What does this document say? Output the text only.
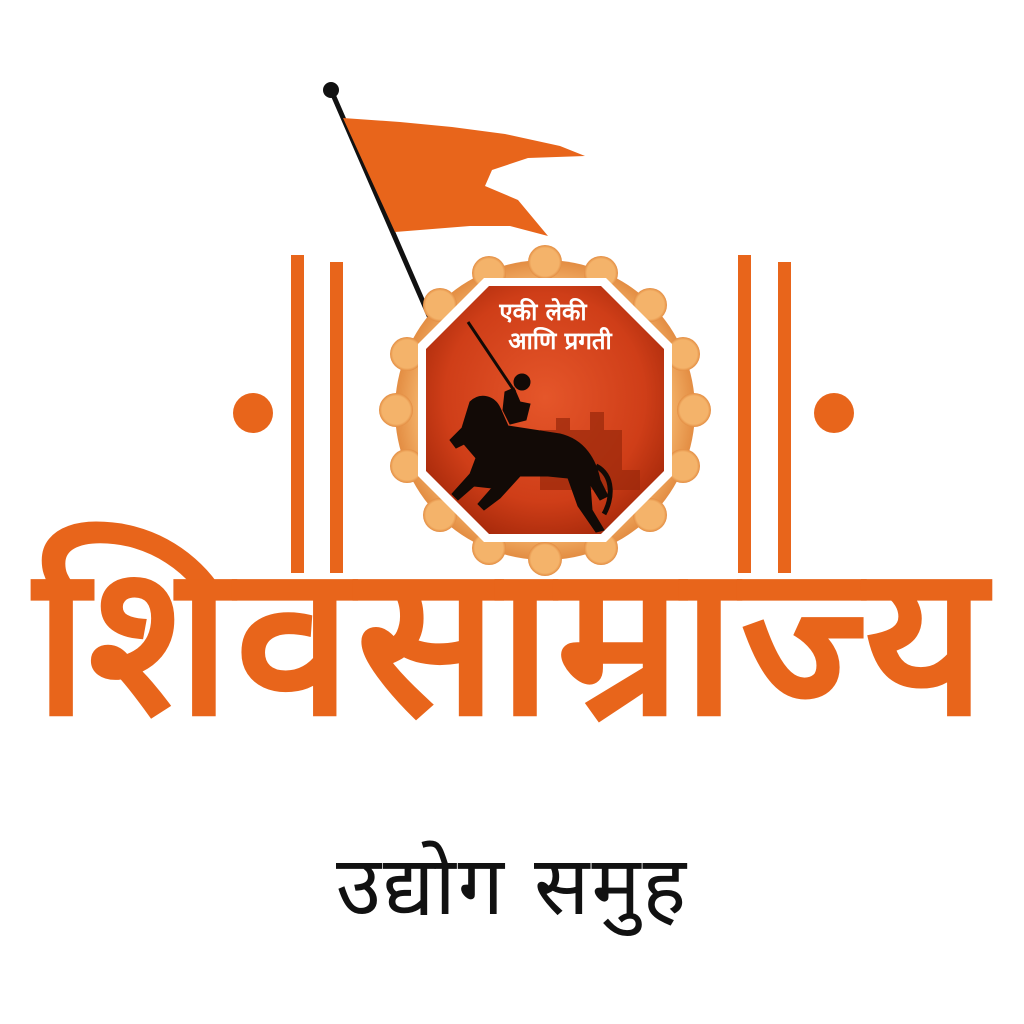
एकी लेकी
आणि प्रगती
शिवसाम्राज्य
उद्योग समुह
